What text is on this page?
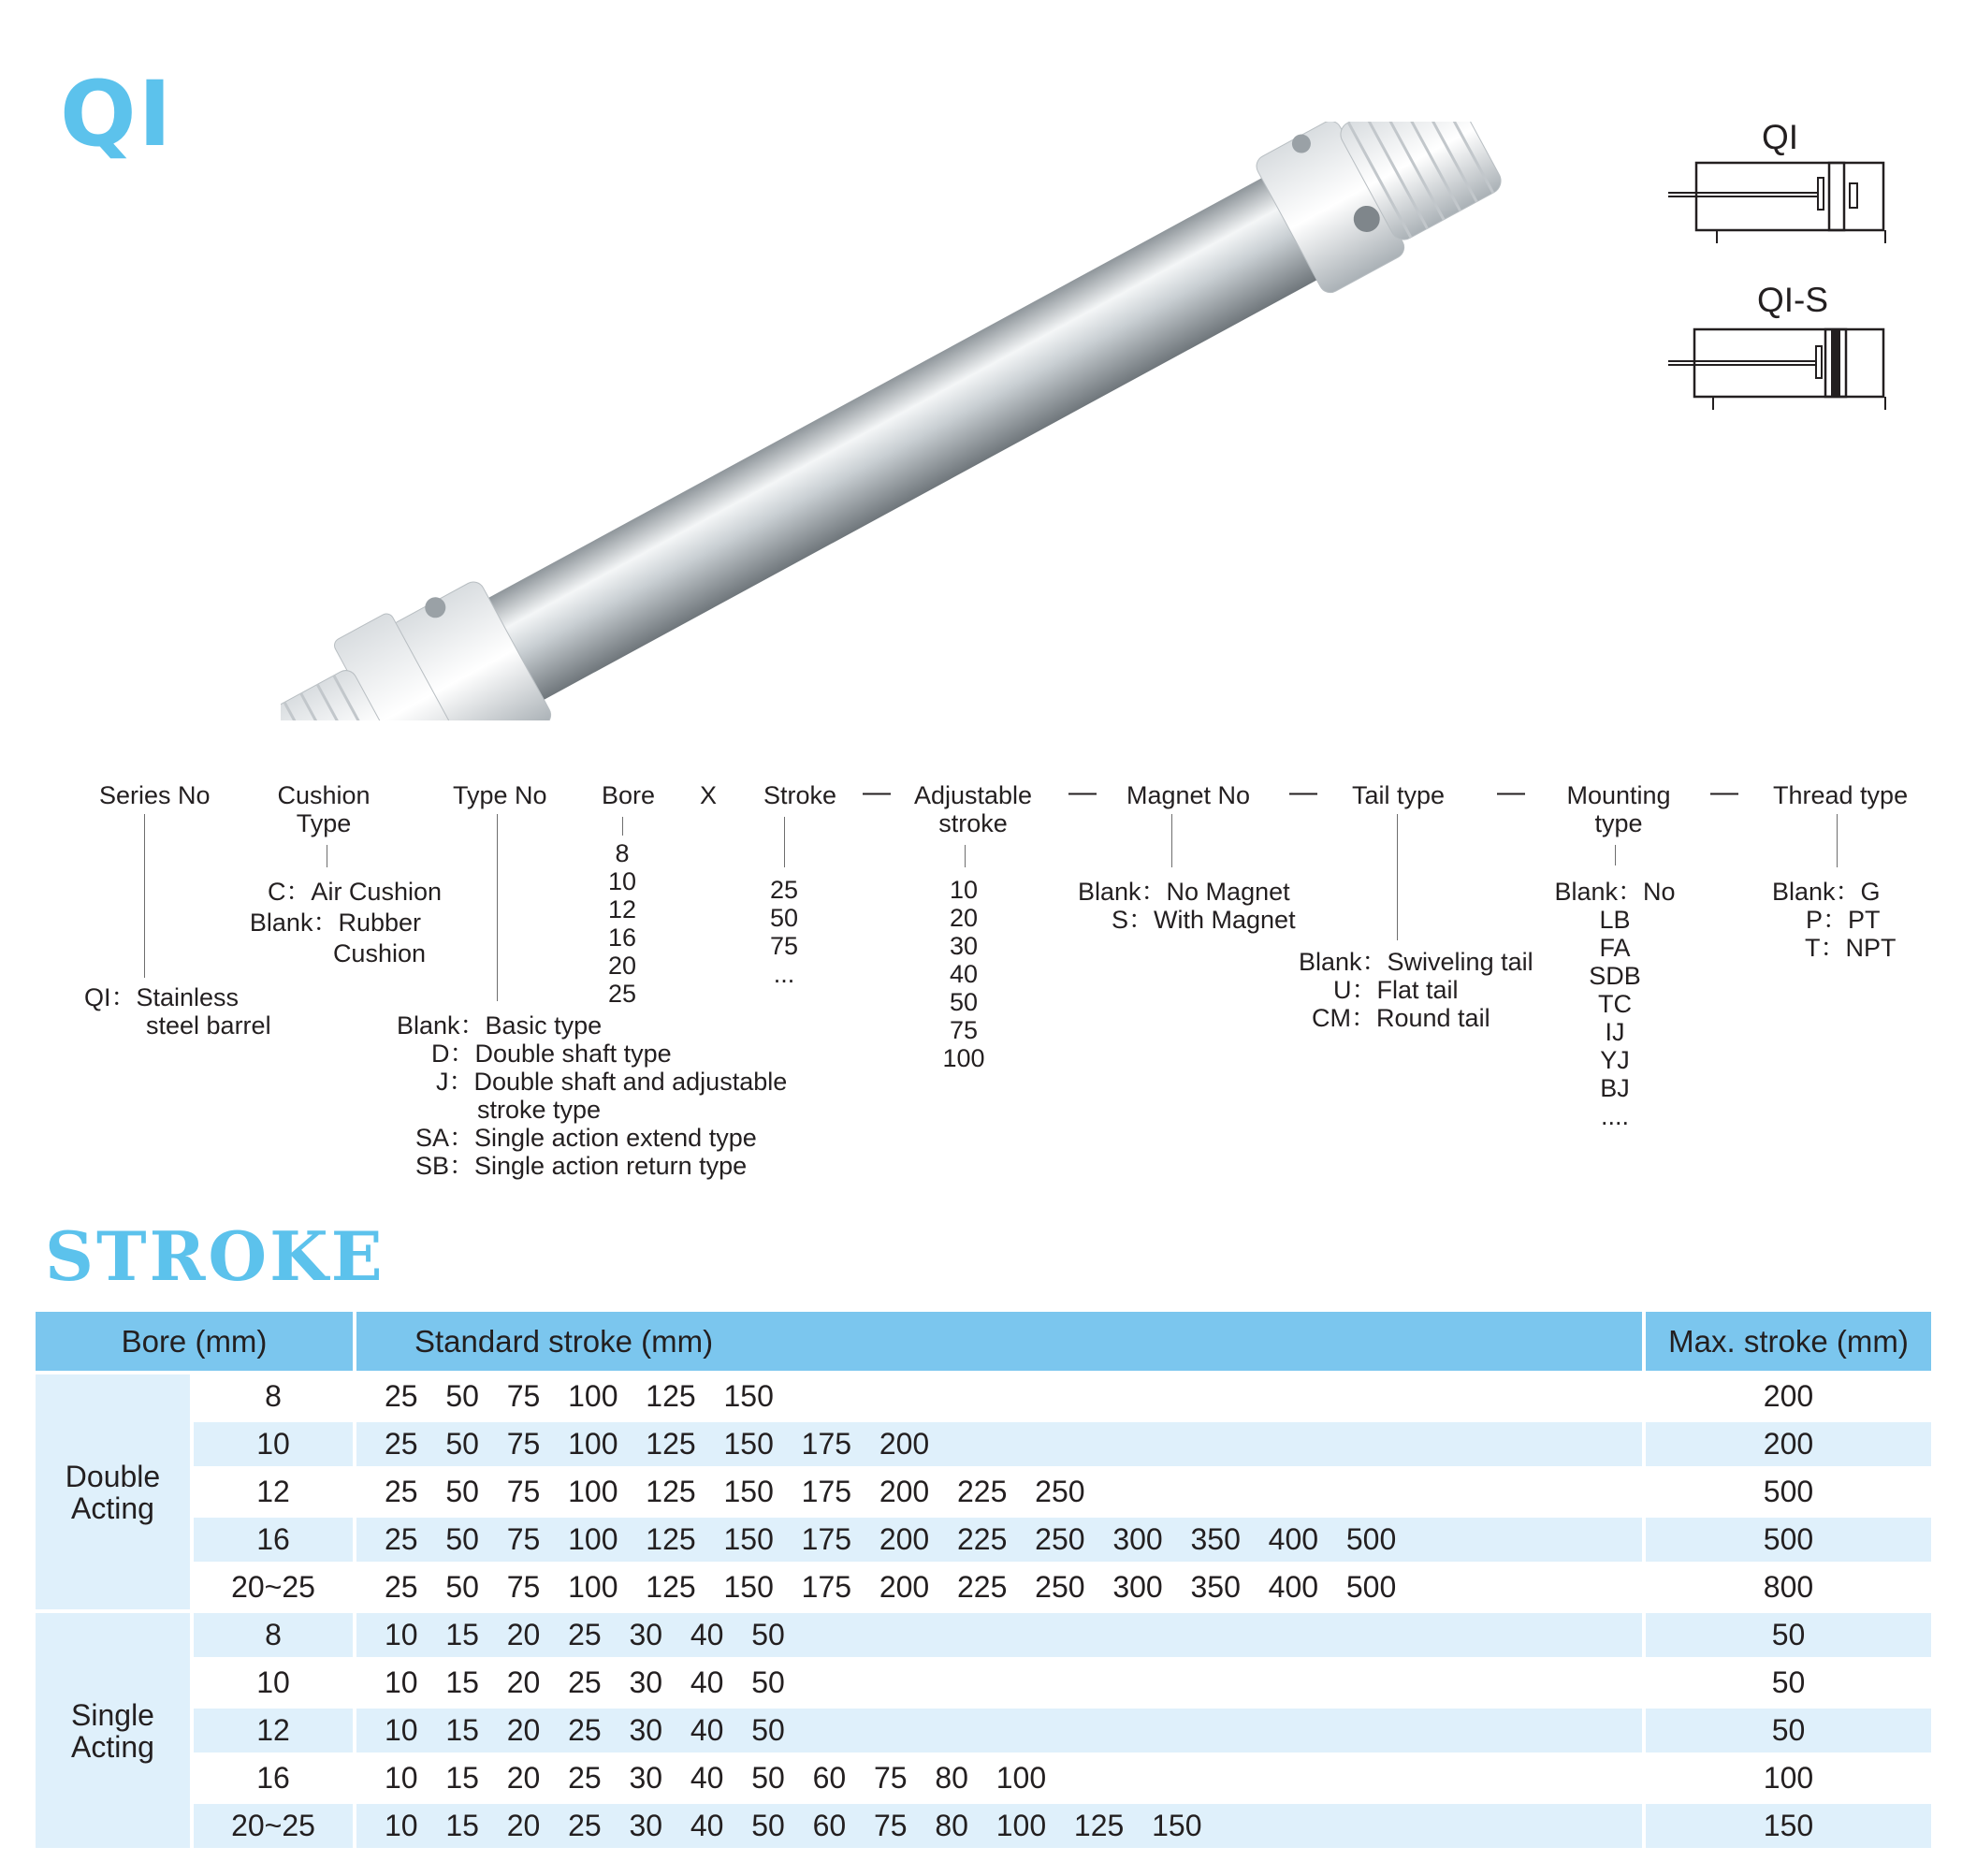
QI	QI
QI-S
Series No	Cushion
Type
Type No Bore X Stroke — Adjustable
stroke
— Magnet No — Tail type —	Mounting
type
— Thread type
QI：Stainless
steel barrel
C：Air Cushion
Blank：Rubber
Cushion
Blank：Basic type
D：Double shaft type
J：Double shaft and adjustable
stroke type
SA：Single action extend type
SB：Single action return type
8
10
12
16
20
25
25
50
75
...
10
20
30
40
50
75
100
Blank：No Magnet
S：With Magnet
Blank：Swiveling tail
U：Flat tail
CM：Round tail
Blank：No
LB
FA
SDB
TC
IJ
YJ
BJ
....
Blank：G
P：PT
T：NPT
STROKE
Bore (mm)		Standard stroke (mm)	Max. stroke (mm)
Double Acting	8	25  50  75  100  125  150	200
	10	25  50  75  100  125  150  175  200	200
	12	25  50  75  100  125  150  175  200  225  250	500
	16	25  50  75  100  125  150  175  200  225  250  300  350  400  500	500
	20~25	25  50  75  100  125  150  175  200  225  250  300  350  400  500	800
Single Acting	8	10  15  20  25  30  40  50	50
	10	10  15  20  25  30  40  50	50
	12	10  15  20  25  30  40  50	50
	16	10  15  20  25  30  40  50  60  75  80  100	100
	20~25	10  15  20  25  30  40  50  60  75  80  100  125  150	150
